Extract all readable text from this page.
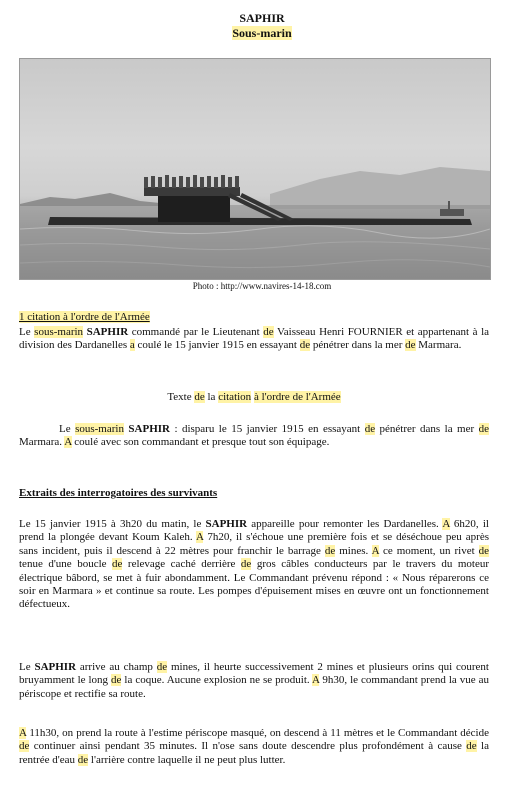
SAPHIR
Sous-marin
Photo : http://www.navires-14-18.com
1 citation à l'ordre de l'Armée
Le sous-marin SAPHIR commandé par le Lieutenant de Vaisseau Henri FOURNIER et appartenant à la division des Dardanelles a coulé le 15 janvier 1915 en essayant de pénétrer dans la mer de Marmara.
Texte de la citation à l'ordre de l'Armée
Le sous-marin SAPHIR : disparu le 15 janvier 1915 en essayant de pénétrer dans la mer de Marmara. A coulé avec son commandant et presque tout son équipage.
Extraits des interrogatoires des survivants
Le 15 janvier 1915 à 3h20 du matin, le SAPHIR appareille pour remonter les Dardanelles. A 6h20, il prend la plongée devant Koum Kaleh. A 7h20, il s'échoue une première fois et se déséchoue peu après sans incident, puis il descend à 22 mètres pour franchir le barrage de mines. A ce moment, un rivet de tenue d'une boucle de relevage caché derrière de gros câbles conducteurs par le travers du moteur électrique bâbord, se met à fuir abondamment. Le Commandant prévenu répond : « Nous réparerons ce soir en Marmara » et continue sa route. Les pompes d'épuisement mises en œuvre ont un fonctionnement défectueux.
Le SAPHIR arrive au champ de mines, il heurte successivement 2 mines et plusieurs orins qui courent bruyamment le long de la coque. Aucune explosion ne se produit. A 9h30, le commandant prend la vue au périscope et rectifie sa route.
A 11h30, on prend la route à l'estime périscope masqué, on descend à 11 mètres et le Commandant décide de continuer ainsi pendant 35 minutes. Il n'ose sans doute descendre plus profondément à cause de la rentrée d'eau de l'arrière contre laquelle il ne peut plus lutter.
